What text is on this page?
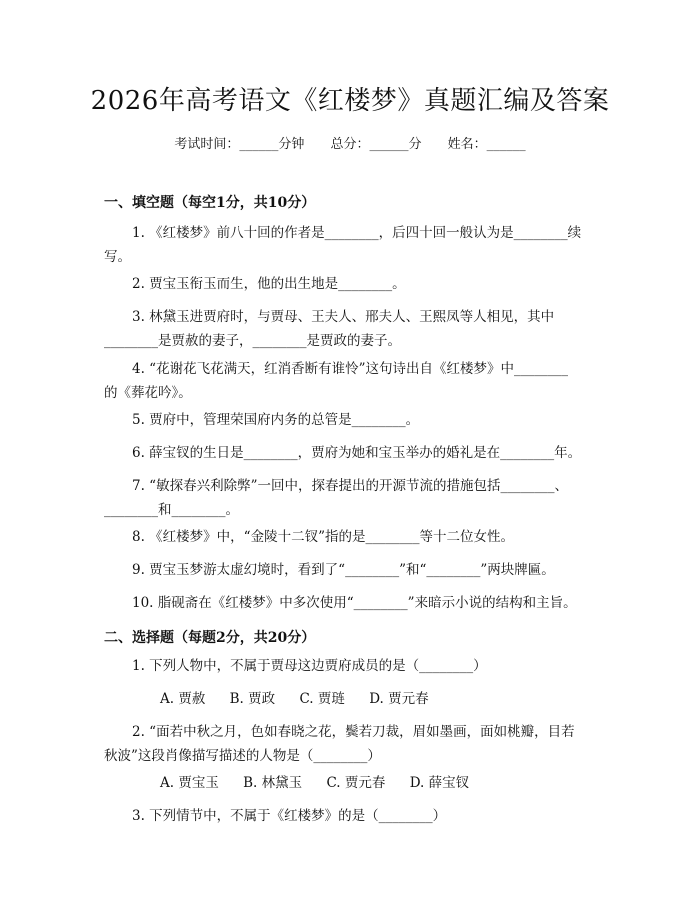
2026年高考语文《红楼梦》真题汇编及答案
考试时间：______分钟 总分：______分 姓名：______
一、填空题（每空1分，共10分）
1. 《红楼梦》前八十回的作者是________，后四十回一般认为是________续
写。
2. 贾宝玉衔玉而生，他的出生地是________。
3. 林黛玉进贾府时，与贾母、王夫人、邢夫人、王熙凤等人相见，其中
________是贾赦的妻子，________是贾政的妻子。
4. “花谢花飞花满天，红消香断有谁怜”这句诗出自《红楼梦》中________
的《葬花吟》。
5. 贾府中，管理荣国府内务的总管是________。
6. 薛宝钗的生日是________，贾府为她和宝玉举办的婚礼是在________年。
7. “敏探春兴利除弊”一回中，探春提出的开源节流的措施包括________、
________和________。
8. 《红楼梦》中，“金陵十二钗”指的是________等十二位女性。
9. 贾宝玉梦游太虚幻境时，看到了“________”和“________”两块牌匾。
10. 脂砚斋在《红楼梦》中多次使用“________”来暗示小说的结构和主旨。
二、选择题（每题2分，共20分）
1. 下列人物中，不属于贾母这边贾府成员的是（________）
A. 贾赦 B. 贾政 C. 贾琏 D. 贾元春
2. “面若中秋之月，色如春晓之花，鬓若刀裁，眉如墨画，面如桃瓣，目若
秋波”这段肖像描写描述的人物是（________）
A. 贾宝玉 B. 林黛玉 C. 贾元春 D. 薛宝钗
3. 下列情节中，不属于《红楼梦》的是（________）
